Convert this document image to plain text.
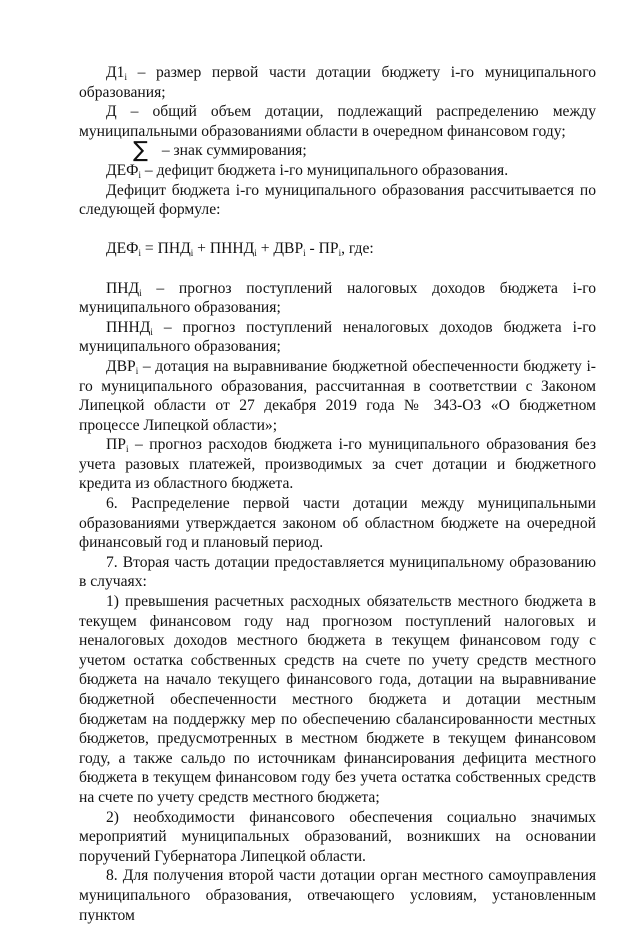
$Д1_i$ – размер первой части дотации бюджету i-го муниципального образования;

Д – общий объем дотации, подлежащий распределению между муниципальными образованиями области в очередном финансовом году;

∑ – знак суммирования;

$ДЕФ_i$ – дефицит бюджета i-го муниципального образования.

Дефицит бюджета i-го муниципального образования рассчитывается по следующей формуле:

$ДЕФ_i = ПНД_i$ + $ПННД_i + ДВР_i - ПР_i$, где:

$ПНД_i$ – прогноз поступлений налоговых доходов бюджета i-го муниципального образования;

$ПННД_i$ – прогноз поступлений неналоговых доходов бюджета i-го муниципального образования;

$ДВР_i$ – дотация на выравнивание бюджетной обеспеченности бюджету i-го муниципального образования, рассчитанная в соответствии с Законом Липецкой области от 27 декабря 2019 года № 343-ОЗ «О бюджетном процессе Липецкой области»;

$ПР_i$ – прогноз расходов бюджета i-го муниципального образования без учета разовых платежей, производимых за счет дотации и бюджетного кредита из областного бюджета.

6. Распределение первой части дотации между муниципальными образованиями утверждается законом об областном бюджете на очередной финансовый год и плановый период.

7. Вторая часть дотации предоставляется муниципальному образованию в случаях:

1) превышения расчетных расходных обязательств местного бюджета в текущем финансовом году над прогнозом поступлений налоговых и неналоговых доходов местного бюджета в текущем финансовом году с учетом остатка собственных средств на счете по учету средств местного бюджета на начало текущего финансового года, дотации на выравнивание бюджетной обеспеченности местного бюджета и дотации местным бюджетам на поддержку мер по обеспечению сбалансированности местных бюджетов, предусмотренных в местном бюджете в текущем финансовом году, а также сальдо по источникам финансирования дефицита местного бюджета в текущем финансовом году без учета остатка собственных средств на счете по учету средств местного бюджета;

2) необходимости финансового обеспечения социально значимых мероприятий муниципальных образований, возникших на основании поручений Губернатора Липецкой области.

8. Для получения второй части дотации орган местного самоуправления муниципального образования, отвечающего условиям, установленным пунктом
